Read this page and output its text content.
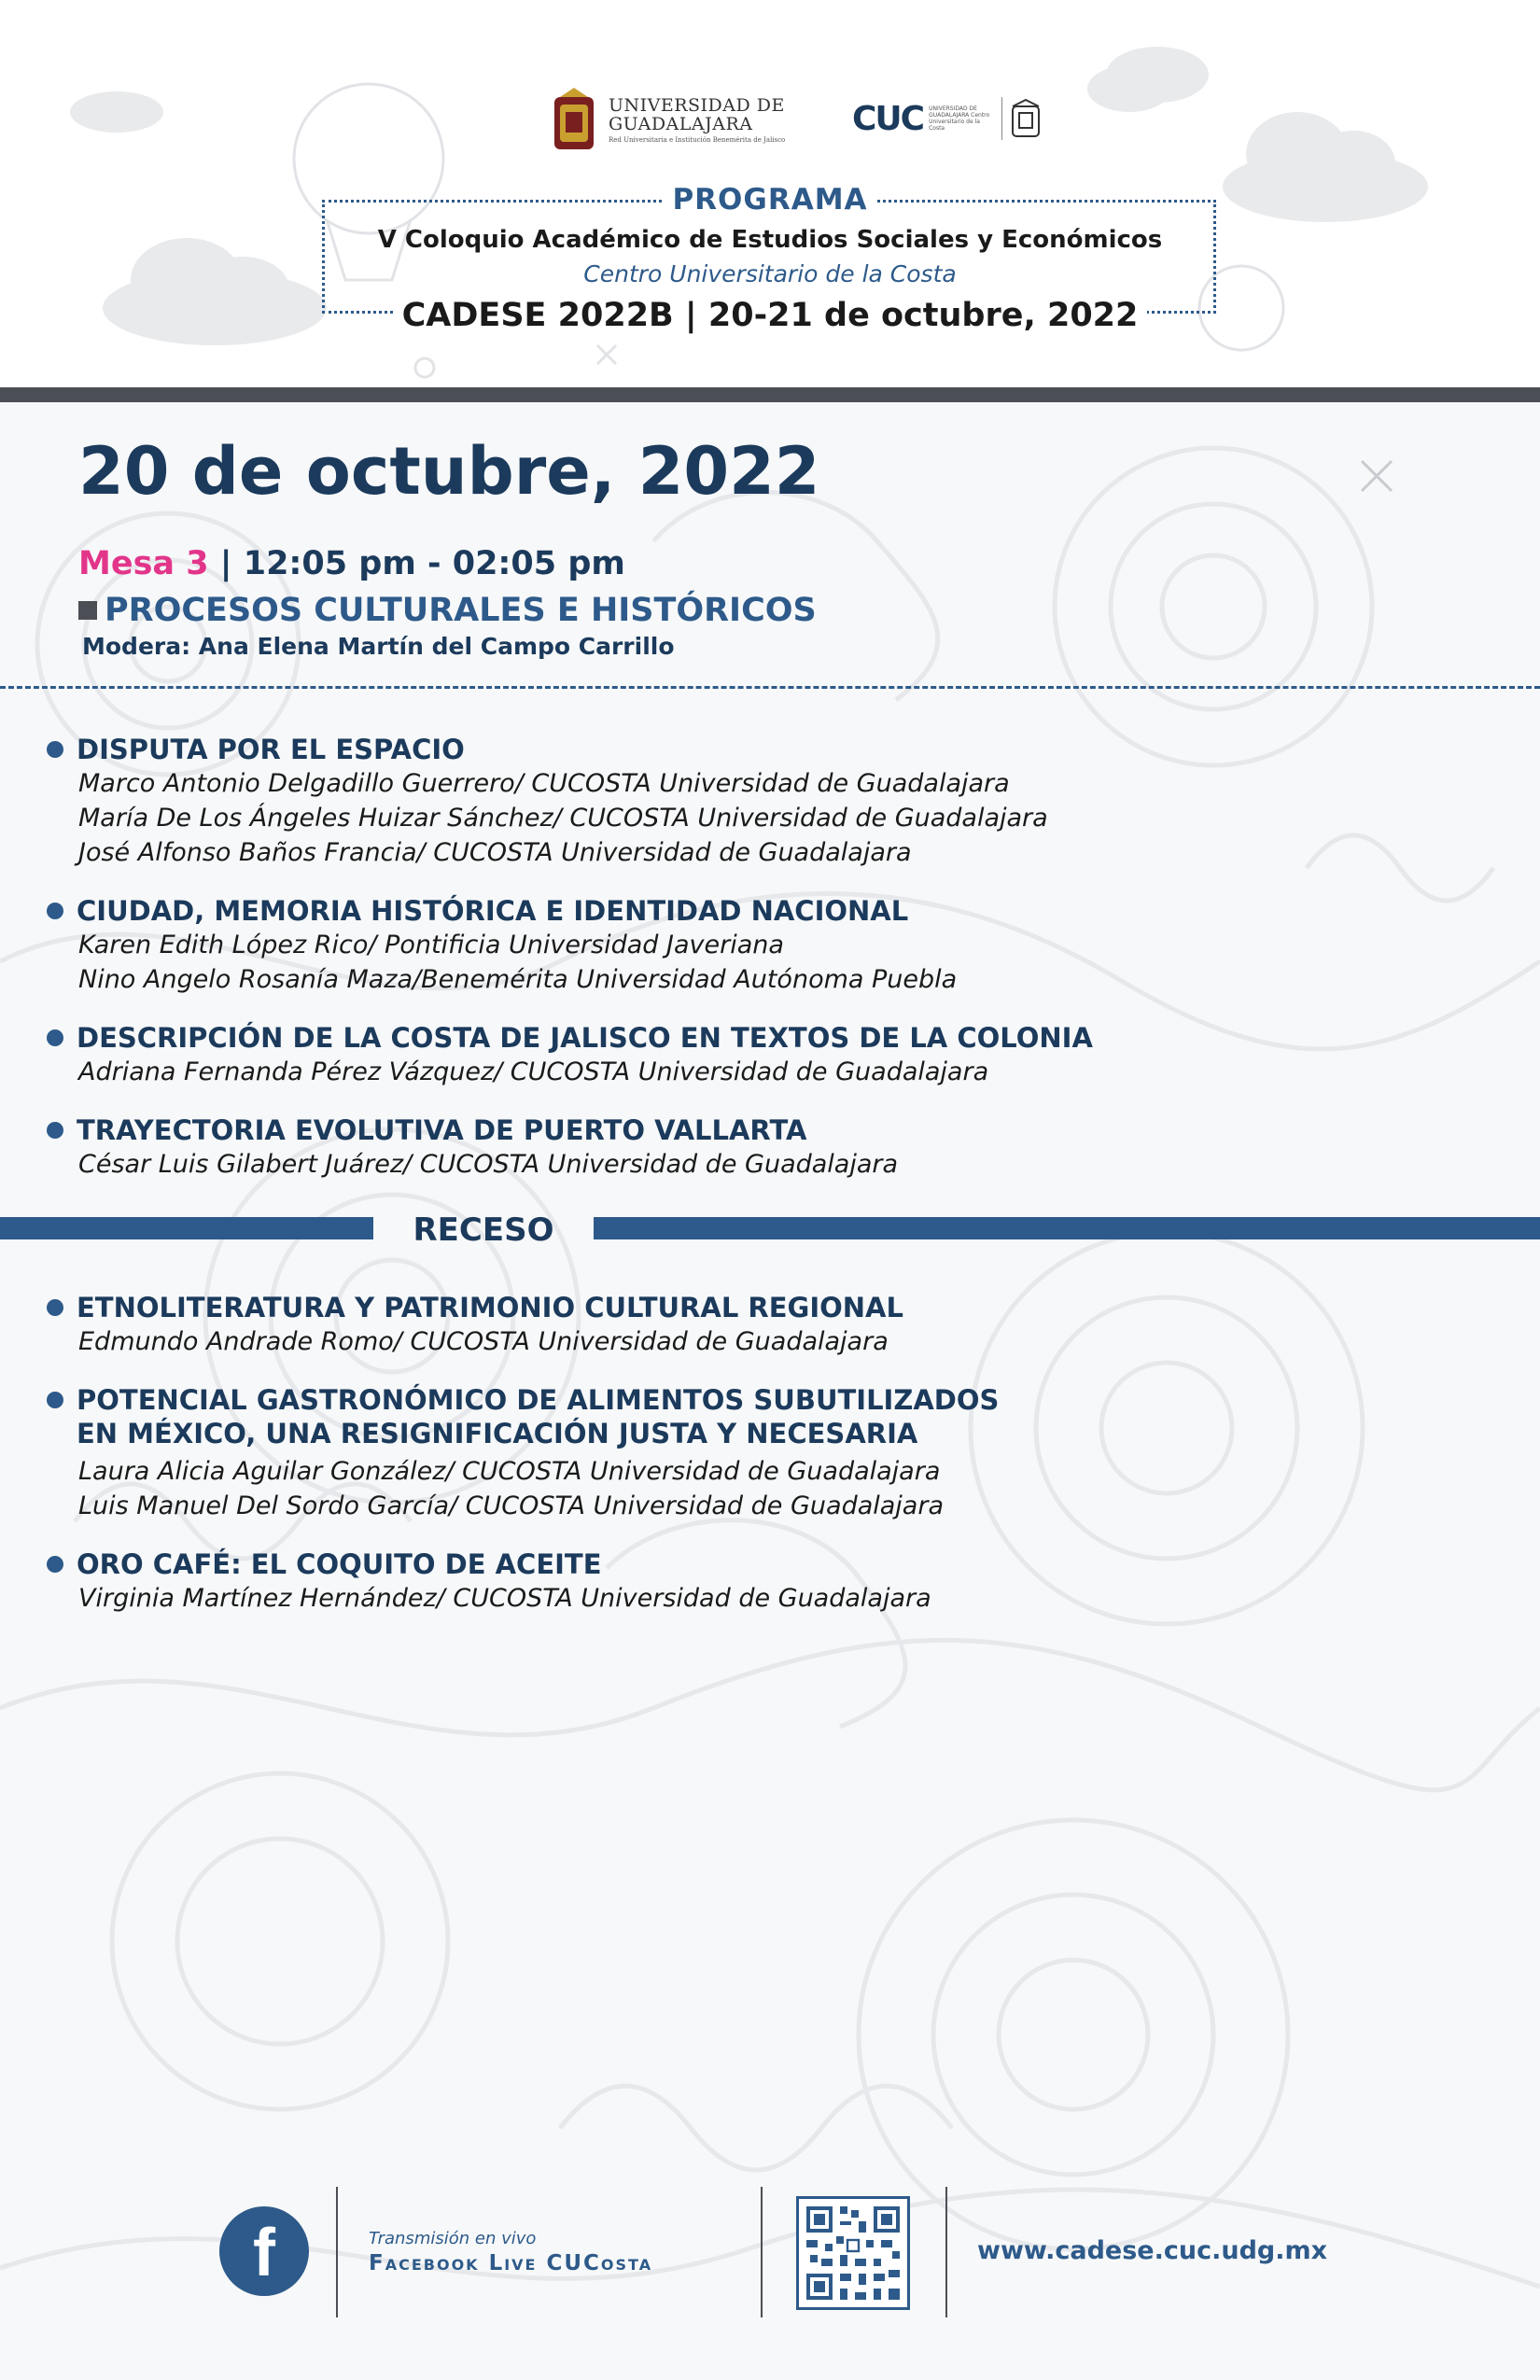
UNIVERSIDAD DE
GUADALAJARA
Red Universitaria e Institución Benemérita de Jalisco
CUC UNIVERSIDAD DE GUADALAJARA Centro Universitario de la Costa
PROGRAMA
V Coloquio Académico de Estudios Sociales y Económicos
Centro Universitario de la Costa
CADESE 2022B | 20-21 de octubre, 2022
20 de octubre, 2022
Mesa 3 | 12:05 pm - 02:05 pm
PROCESOS CULTURALES E HISTÓRICOS
Modera: Ana Elena Martín del Campo Carrillo
DISPUTA POR EL ESPACIO
Marco Antonio Delgadillo Guerrero/ CUCOSTA Universidad de Guadalajara
María De Los Ángeles Huizar Sánchez/ CUCOSTA Universidad de Guadalajara
José Alfonso Baños Francia/ CUCOSTA Universidad de Guadalajara
CIUDAD, MEMORIA HISTÓRICA E IDENTIDAD NACIONAL
Karen Edith López Rico/ Pontificia Universidad Javeriana
Nino Angelo Rosanía Maza/Benemérita Universidad Autónoma Puebla
DESCRIPCIÓN DE LA COSTA DE JALISCO EN TEXTOS DE LA COLONIA
Adriana Fernanda Pérez Vázquez/ CUCOSTA Universidad de Guadalajara
TRAYECTORIA EVOLUTIVA DE PUERTO VALLARTA
César Luis Gilabert Juárez/ CUCOSTA Universidad de Guadalajara
RECESO
ETNOLITERATURA Y PATRIMONIO CULTURAL REGIONAL
Edmundo Andrade Romo/ CUCOSTA Universidad de Guadalajara
POTENCIAL GASTRONÓMICO DE ALIMENTOS SUBUTILIZADOS
EN MÉXICO, UNA RESIGNIFICACIÓN JUSTA Y NECESARIA
Laura Alicia Aguilar González/ CUCOSTA Universidad de Guadalajara
Luis Manuel Del Sordo García/ CUCOSTA Universidad de Guadalajara
ORO CAFÉ: EL COQUITO DE ACEITE
Virginia Martínez Hernández/ CUCOSTA Universidad de Guadalajara
f	Transmisión en vivo
Facebook Live CUCosta	www.cadese.cuc.udg.mx
